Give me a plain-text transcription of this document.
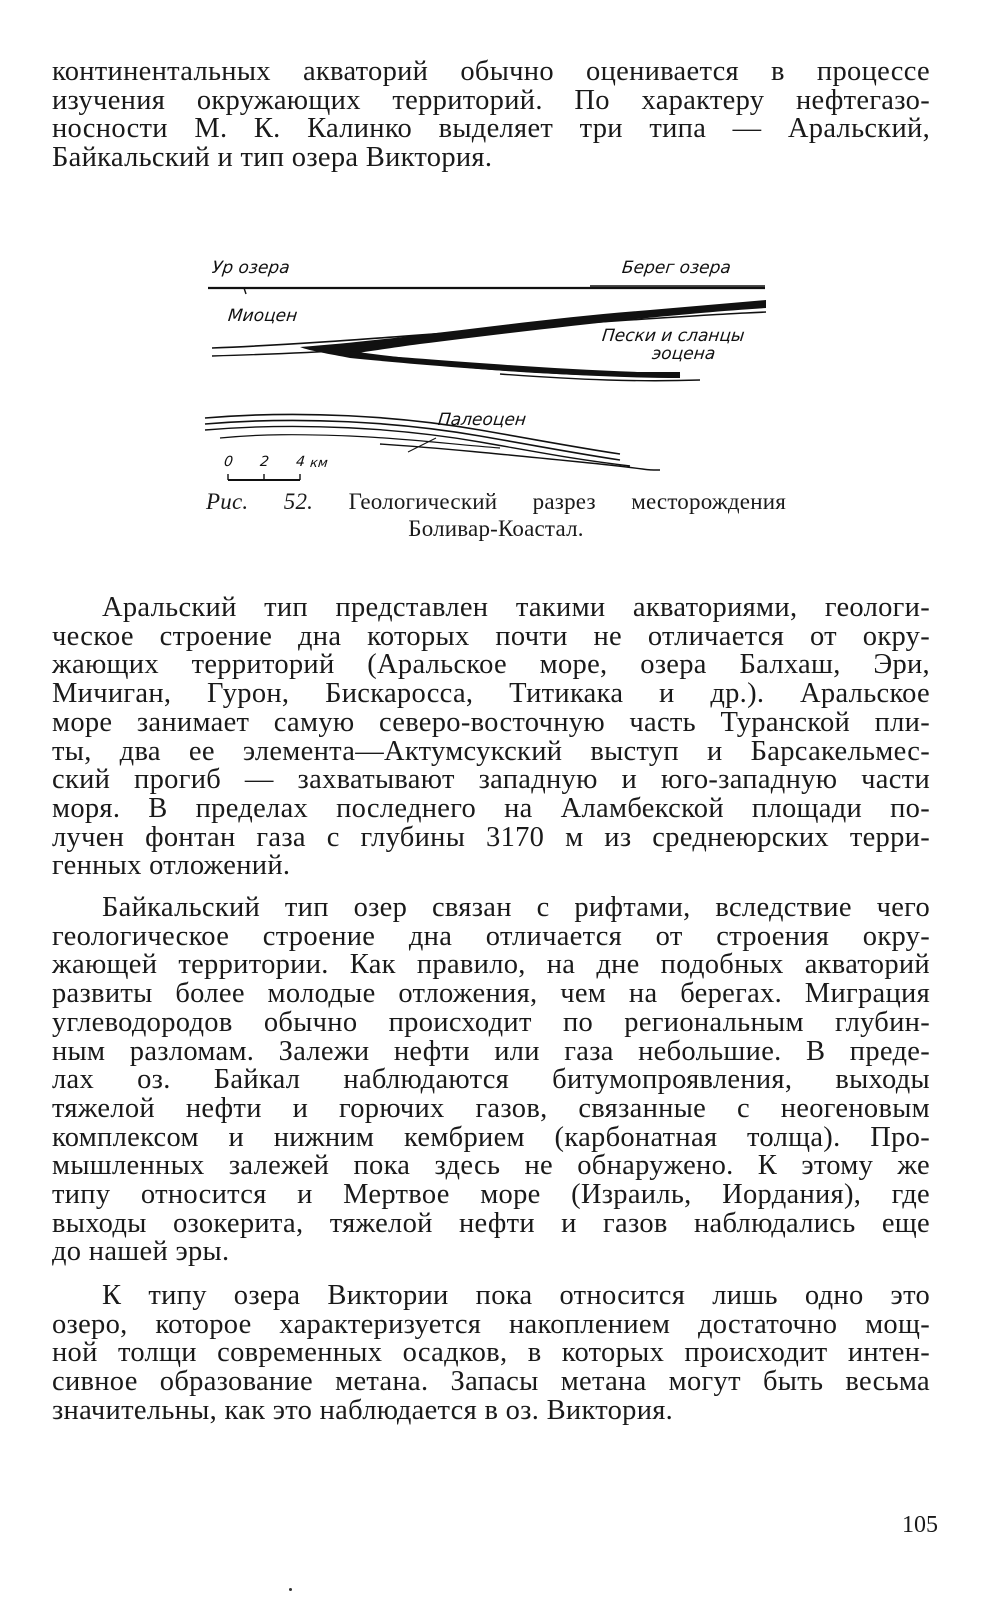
континентальных акваторий обычно оценивается в процессе
изучения окружающих территорий. По характеру нефтегазо-
носности М. К. Калинко выделяет три типа — Аральский,
Байкальский и тип озера Виктория.

Ур озера	Берег озера
Миоцен
Пески и сланцы
эоцена
Палеоцен
0 2 4 км
Рис. 52. Геологический разрез месторождения
Боливар-Коастал.

Аральский тип представлен такими акваториями, геологи-
ческое строение дна которых почти не отличается от окру-
жающих территорий (Аральское море, озера Балхаш, Эри,
Мичиган, Гурон, Бискаросса, Титикака и др.). Аральское
море занимает самую северо-восточную часть Туранской пли-
ты, два ее элемента—Актумсукский выступ и Барсакельмес-
ский прогиб — захватывают западную и юго-западную части
моря. В пределах последнего на Аламбекской площади по-
лучен фонтан газа с глубины 3170 м из среднеюрских терри-
генных отложений.

Байкальский тип озер связан с рифтами, вследствие чего
геологическое строение дна отличается от строения окру-
жающей территории. Как правило, на дне подобных акваторий
развиты более молодые отложения, чем на берегах. Миграция
углеводородов обычно происходит по региональным глубин-
ным разломам. Залежи нефти или газа небольшие. В преде-
лах оз. Байкал наблюдаются битумопроявления, выходы
тяжелой нефти и горючих газов, связанные с неогеновым
комплексом и нижним кембрием (карбонатная толща). Про-
мышленных залежей пока здесь не обнаружено. К этому же
типу относится и Мертвое море (Израиль, Иордания), где
выходы озокерита, тяжелой нефти и газов наблюдались еще
до нашей эры.

К типу озера Виктории пока относится лишь одно это
озеро, которое характеризуется накоплением достаточно мощ-
ной толщи современных осадков, в которых происходит интен-
сивное образование метана. Запасы метана могут быть весьма
значительны, как это наблюдается в оз. Виктория.

105
